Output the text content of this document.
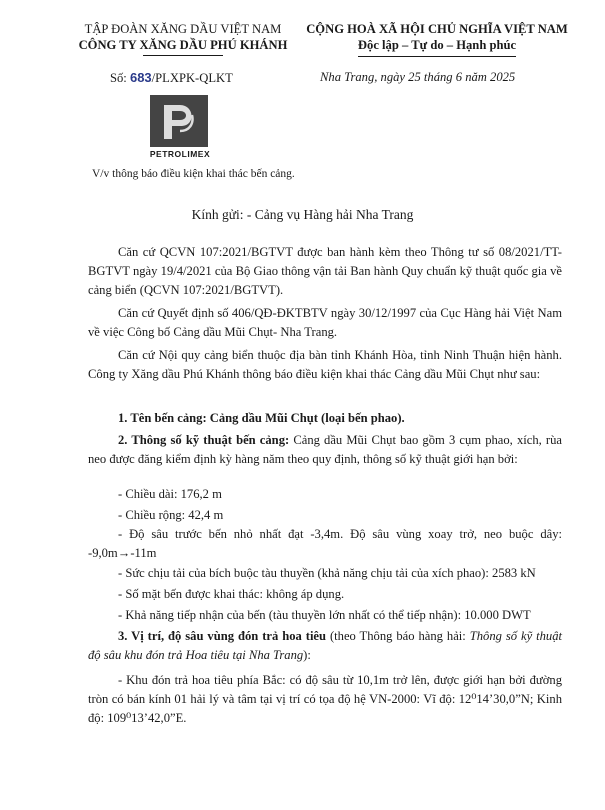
TẬP ĐOÀN XĂNG DẦU VIỆT NAM
CÔNG TY XĂNG DẦU PHÚ KHÁNH
CỘNG HOÀ XÃ HỘI CHỦ NGHĨA VIỆT NAM
Độc lập – Tự do – Hạnh phúc
Số: 683/PLXPK-QLKT	Nha Trang, ngày 25 tháng 6 năm 2025
PETROLIMEX
V/v thông báo điều kiện khai thác bến cảng.
Kính gửi: - Cảng vụ Hàng hải Nha Trang
Căn cứ QCVN 107:2021/BGTVT được ban hành kèm theo Thông tư số 08/2021/TT-BGTVT ngày 19/4/2021 của Bộ Giao thông vận tải Ban hành Quy chuẩn kỹ thuật quốc gia về cảng biển (QCVN 107:2021/BGTVT).
Căn cứ Quyết định số 406/QĐ-ĐKTBTV ngày 30/12/1997 của Cục Hàng hải Việt Nam về việc Công bố Cảng dầu Mũi Chụt- Nha Trang.
Căn cứ Nội quy cảng biển thuộc địa bàn tỉnh Khánh Hòa, tỉnh Ninh Thuận hiện hành. Công ty Xăng dầu Phú Khánh thông báo điều kiện khai thác Cảng dầu Mũi Chụt như sau:
1. Tên bến cảng: Cảng dầu Mũi Chụt (loại bến phao).
2. Thông số kỹ thuật bến cảng: Cảng dầu Mũi Chụt bao gồm 3 cụm phao, xích, rùa neo được đăng kiểm định kỳ hàng năm theo quy định, thông số kỹ thuật giới hạn bởi:
- Chiều dài: 176,2 m
- Chiều rộng: 42,4 m
- Độ sâu trước bến nhỏ nhất đạt -3,4m. Độ sâu vùng xoay trở, neo buộc dây: -9,0m→-11m
- Sức chịu tải của bích buộc tàu thuyền (khả năng chịu tải của xích phao): 2583 kN
- Số mặt bến được khai thác: không áp dụng.
- Khả năng tiếp nhận của bến (tàu thuyền lớn nhất có thể tiếp nhận): 10.000 DWT
3. Vị trí, độ sâu vùng đón trả hoa tiêu (theo Thông báo hàng hải: Thông số kỹ thuật độ sâu khu đón trả Hoa tiêu tại Nha Trang):
- Khu đón trả hoa tiêu phía Bắc: có độ sâu từ 10,1m trở lên, được giới hạn bởi đường tròn có bán kính 01 hải lý và tâm tại vị trí có tọa độ hệ VN-2000: Vĩ độ: 12⁰14’30,0”N; Kinh độ: 109⁰13’42,0”E.
